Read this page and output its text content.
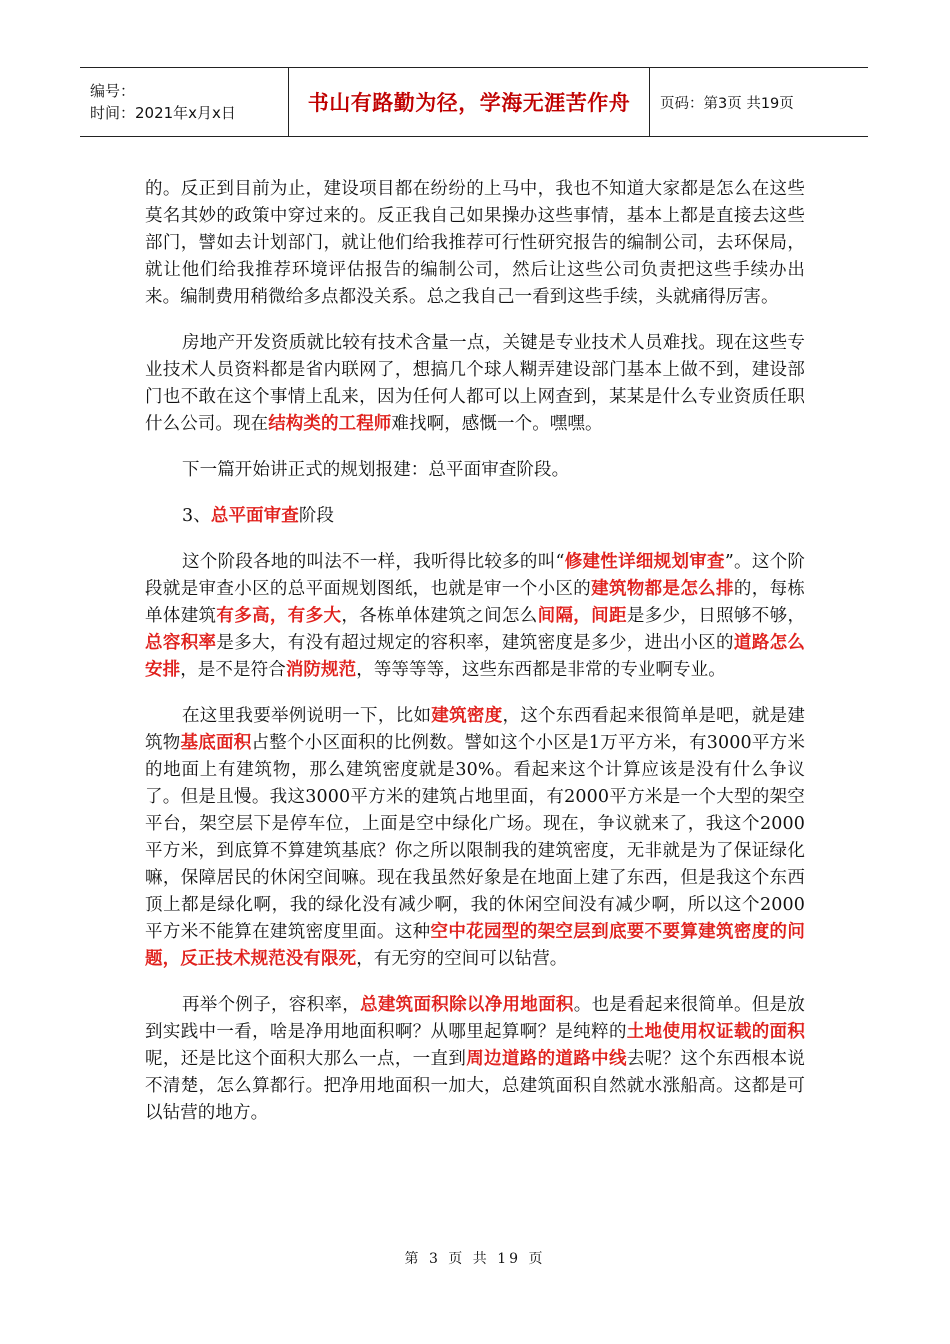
编号：
时间：2021年x月x日	书山有路勤为径，学海无涯苦作舟	页码：第3页 共19页

的。反正到目前为止，建设项目都在纷纷的上马中，我也不知道大家都是怎么在这些莫名其妙的政策中穿过来的。反正我自己如果操办这些事情，基本上都是直接去这些部门，譬如去计划部门，就让他们给我推荐可行性研究报告的编制公司，去环保局，就让他们给我推荐环境评估报告的编制公司，然后让这些公司负责把这些手续办出来。编制费用稍微给多点都没关系。总之我自己一看到这些手续，头就痛得厉害。

房地产开发资质就比较有技术含量一点，关键是专业技术人员难找。现在这些专业技术人员资料都是省内联网了，想搞几个球人糊弄建设部门基本上做不到，建设部门也不敢在这个事情上乱来，因为任何人都可以上网查到，某某是什么专业资质任职什么公司。现在结构类的工程师难找啊，感慨一个。嘿嘿。

下一篇开始讲正式的规划报建：总平面审查阶段。

3、总平面审查阶段

这个阶段各地的叫法不一样，我听得比较多的叫“修建性详细规划审查”。这个阶段就是审查小区的总平面规划图纸，也就是审一个小区的建筑物都是怎么排的，每栋单体建筑有多高，有多大，各栋单体建筑之间怎么间隔，间距是多少，日照够不够，总容积率是多大，有没有超过规定的容积率，建筑密度是多少，进出小区的道路怎么安排，是不是符合消防规范，等等等等，这些东西都是非常的专业啊专业。

在这里我要举例说明一下，比如建筑密度，这个东西看起来很简单是吧，就是建筑物基底面积占整个小区面积的比例数。譬如这个小区是1万平方米，有3000平方米的地面上有建筑物，那么建筑密度就是30%。看起来这个计算应该是没有什么争议了。但是且慢。我这3000平方米的建筑占地里面，有2000平方米是一个大型的架空平台，架空层下是停车位，上面是空中绿化广场。现在，争议就来了，我这个2000平方米，到底算不算建筑基底？你之所以限制我的建筑密度，无非就是为了保证绿化嘛，保障居民的休闲空间嘛。现在我虽然好象是在地面上建了东西，但是我这个东西顶上都是绿化啊，我的绿化没有减少啊，我的休闲空间没有减少啊，所以这个2000平方米不能算在建筑密度里面。这种空中花园型的架空层到底要不要算建筑密度的问题，反正技术规范没有限死，有无穷的空间可以钻营。

再举个例子，容积率，总建筑面积除以净用地面积。也是看起来很简单。但是放到实践中一看，啥是净用地面积啊？从哪里起算啊？是纯粹的土地使用权证载的面积呢，还是比这个面积大那么一点，一直到周边道路的道路中线去呢？这个东西根本说不清楚，怎么算都行。把净用地面积一加大，总建筑面积自然就水涨船高。这都是可以钻营的地方。

第 3 页 共 19 页
